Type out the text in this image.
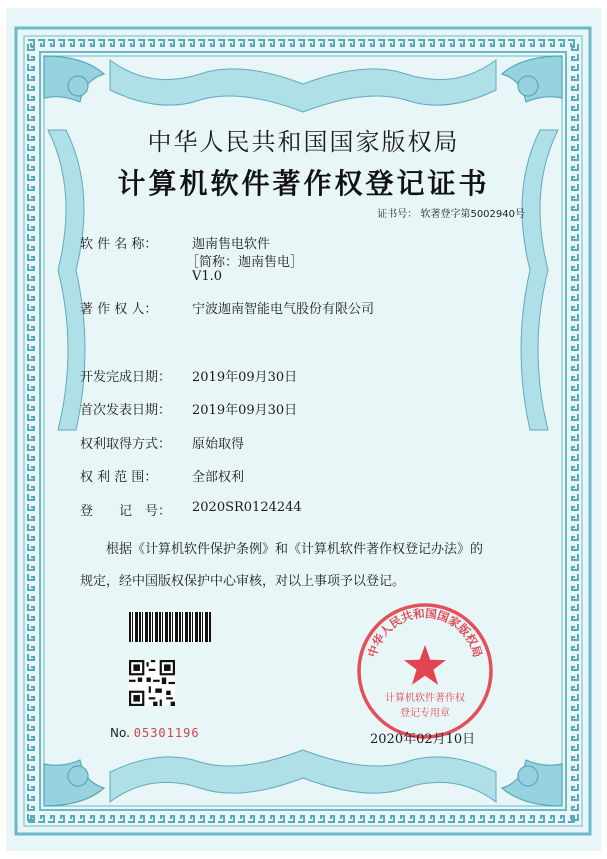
中华人民共和国国家版权局
计算机软件著作权登记证书
证书号： 软著登字第5002940号
软 件 名 称：	迦南售电软件
［简称：迦南售电］
V1.0
著 作 权 人：	宁波迦南智能电气股份有限公司
开发完成日期：	2019年09月30日
首次发表日期：	2019年09月30日
权利取得方式：	原始取得
权 利 范 围：	全部权利
登　　记　号：	2020SR0124244
根据《计算机软件保护条例》和《计算机软件著作权登记办法》的
规定，经中国版权保护中心审核，对以上事项予以登记。
No. 05301196
中华人民共和国国家版权局
计算机软件著作权
登记专用章
2020年02月10日
